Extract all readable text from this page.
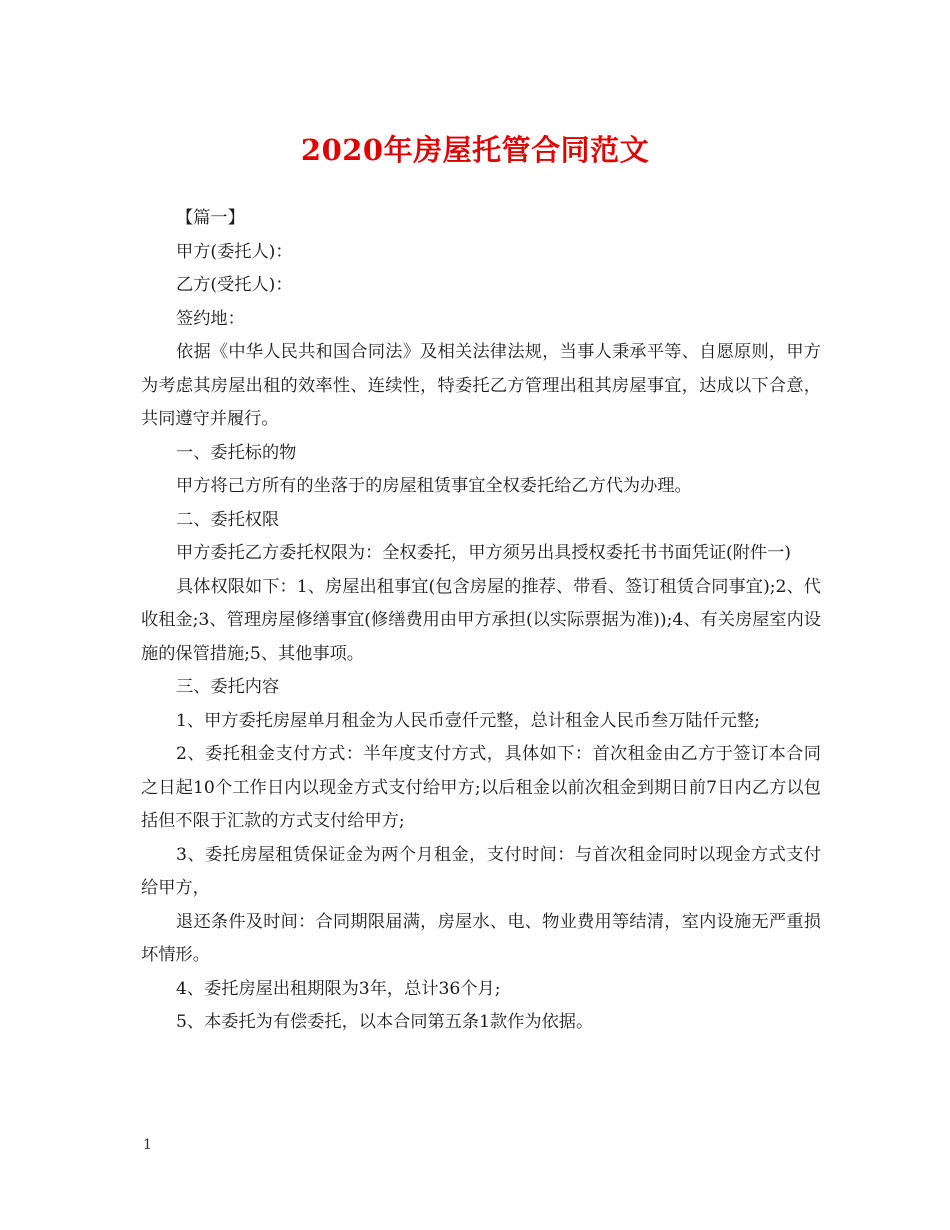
2020年房屋托管合同范文

【篇一】

甲方(委托人)：

乙方(受托人)：

签约地：

依据《中华人民共和国合同法》及相关法律法规，当事人秉承平等、自愿原则，甲方为考虑其房屋出租的效率性、连续性，特委托乙方管理出租其房屋事宜，达成以下合意，共同遵守并履行。

一、委托标的物

甲方将己方所有的坐落于的房屋租赁事宜全权委托给乙方代为办理。

二、委托权限

甲方委托乙方委托权限为：全权委托，甲方须另出具授权委托书书面凭证(附件一)

具体权限如下：1、房屋出租事宜(包含房屋的推荐、带看、签订租赁合同事宜);2、代收租金;3、管理房屋修缮事宜(修缮费用由甲方承担(以实际票据为准));4、有关房屋室内设施的保管措施;5、其他事项。

三、委托内容

1、甲方委托房屋单月租金为人民币壹仟元整，总计租金人民币叁万陆仟元整;

2、委托租金支付方式：半年度支付方式，具体如下：首次租金由乙方于签订本合同之日起10个工作日内以现金方式支付给甲方;以后租金以前次租金到期日前7日内乙方以包括但不限于汇款的方式支付给甲方;

3、委托房屋租赁保证金为两个月租金，支付时间：与首次租金同时以现金方式支付给甲方，

退还条件及时间：合同期限届满，房屋水、电、物业费用等结清，室内设施无严重损坏情形。

4、委托房屋出租期限为3年，总计36个月;

5、本委托为有偿委托，以本合同第五条1款作为依据。

1
